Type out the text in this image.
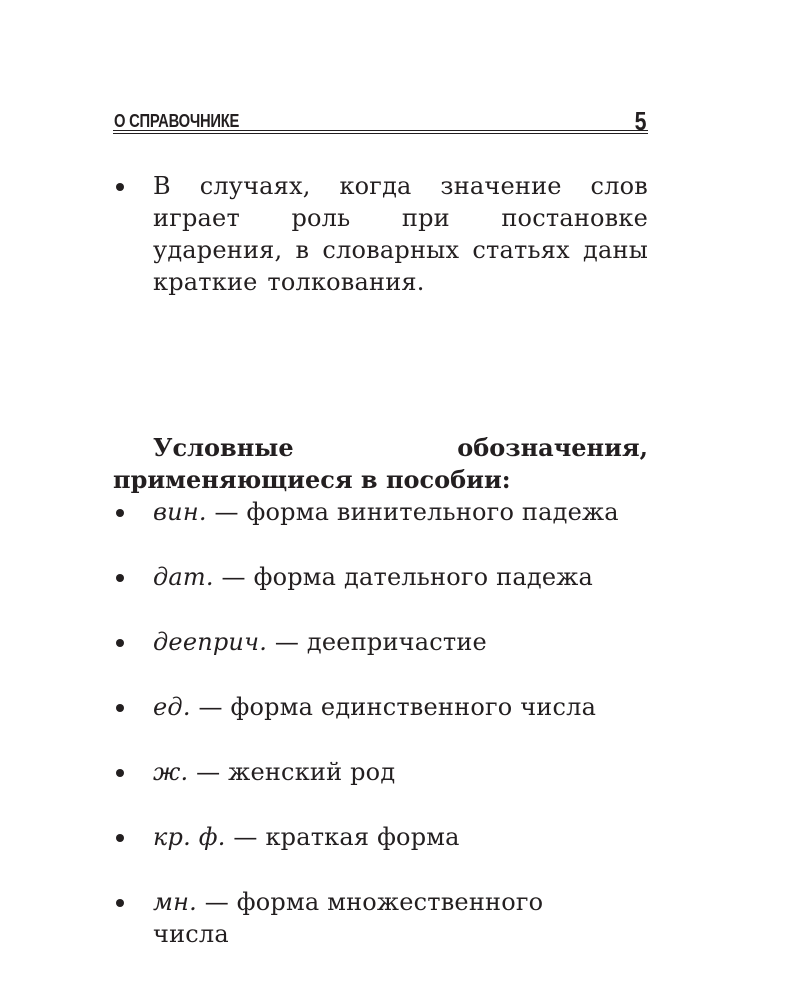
О СПРАВОЧНИКЕ	5
В случаях, когда значение слов играет роль при постановке ударения, в словарных статьях даны краткие толкования.
Условные обозначения, применяющиеся в пособии:
вин. — форма винительного падежа
дат. — форма дательного падежа
дееприч. — деепричастие
ед. — форма единственного числа
ж. — женский род
кр. ф. — краткая форма
мн. — форма множественного числа
